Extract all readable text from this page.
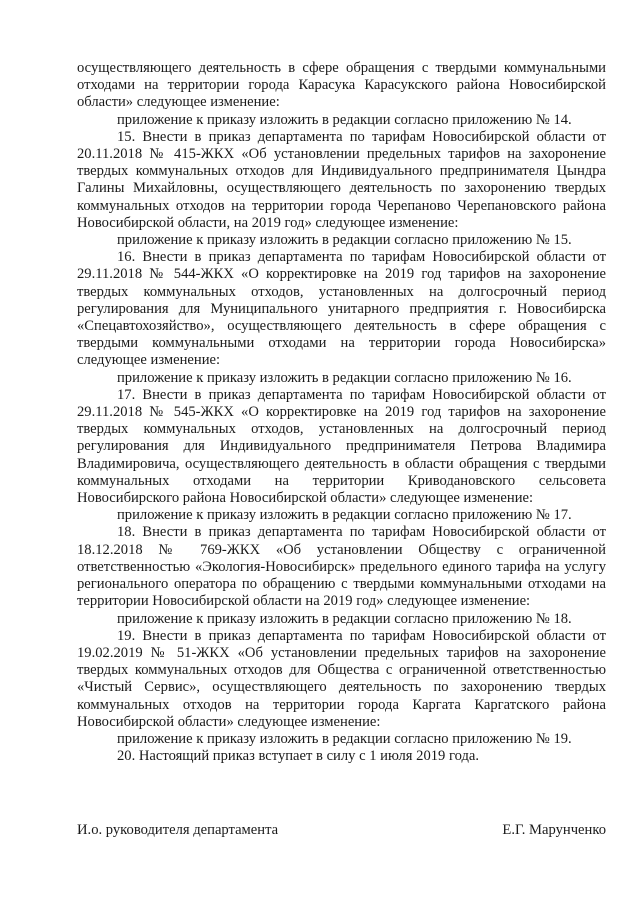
осуществляющего деятельность в сфере обращения с твердыми коммунальными отходами на территории города Карасука Карасукского района Новосибирской области» следующее изменение:

приложение к приказу изложить в редакции согласно приложению № 14.

15. Внести в приказ департамента по тарифам Новосибирской области от 20.11.2018 № 415-ЖКХ «Об установлении предельных тарифов на захоронение твердых коммунальных отходов для Индивидуального предпринимателя Цындра Галины Михайловны, осуществляющего деятельность по захоронению твердых коммунальных отходов на территории города Черепаново Черепановского района Новосибирской области, на 2019 год» следующее изменение:

приложение к приказу изложить в редакции согласно приложению № 15.

16. Внести в приказ департамента по тарифам Новосибирской области от 29.11.2018 № 544-ЖКХ «О корректировке на 2019 год тарифов на захоронение твердых коммунальных отходов, установленных на долгосрочный период регулирования для Муниципального унитарного предприятия г. Новосибирска «Спецавтохозяйство», осуществляющего деятельность в сфере обращения с твердыми коммунальными отходами на территории города Новосибирска» следующее изменение:

приложение к приказу изложить в редакции согласно приложению № 16.

17. Внести в приказ департамента по тарифам Новосибирской области от 29.11.2018 № 545-ЖКХ «О корректировке на 2019 год тарифов на захоронение твердых коммунальных отходов, установленных на долгосрочный период регулирования для Индивидуального предпринимателя Петрова Владимира Владимировича, осуществляющего деятельность в области обращения с твердыми коммунальных отходами на территории Криводановского сельсовета Новосибирского района Новосибирской области» следующее изменение:

приложение к приказу изложить в редакции согласно приложению № 17.

18. Внести в приказ департамента по тарифам Новосибирской области от 18.12.2018 № 769-ЖКХ «Об установлении Обществу с ограниченной ответственностью «Экология-Новосибирск» предельного единого тарифа на услугу регионального оператора по обращению с твердыми коммунальными отходами на территории Новосибирской области на 2019 год» следующее изменение:

приложение к приказу изложить в редакции согласно приложению № 18.

19. Внести в приказ департамента по тарифам Новосибирской области от 19.02.2019 № 51-ЖКХ «Об установлении предельных тарифов на захоронение твердых коммунальных отходов для Общества с ограниченной ответственностью «Чистый Сервис», осуществляющего деятельность по захоронению твердых коммунальных отходов на территории города Каргата Каргатского района Новосибирской области» следующее изменение:

приложение к приказу изложить в редакции согласно приложению № 19.

20. Настоящий приказ вступает в силу с 1 июля 2019 года.

И.о. руководителя департамента	Е.Г. Марунченко
